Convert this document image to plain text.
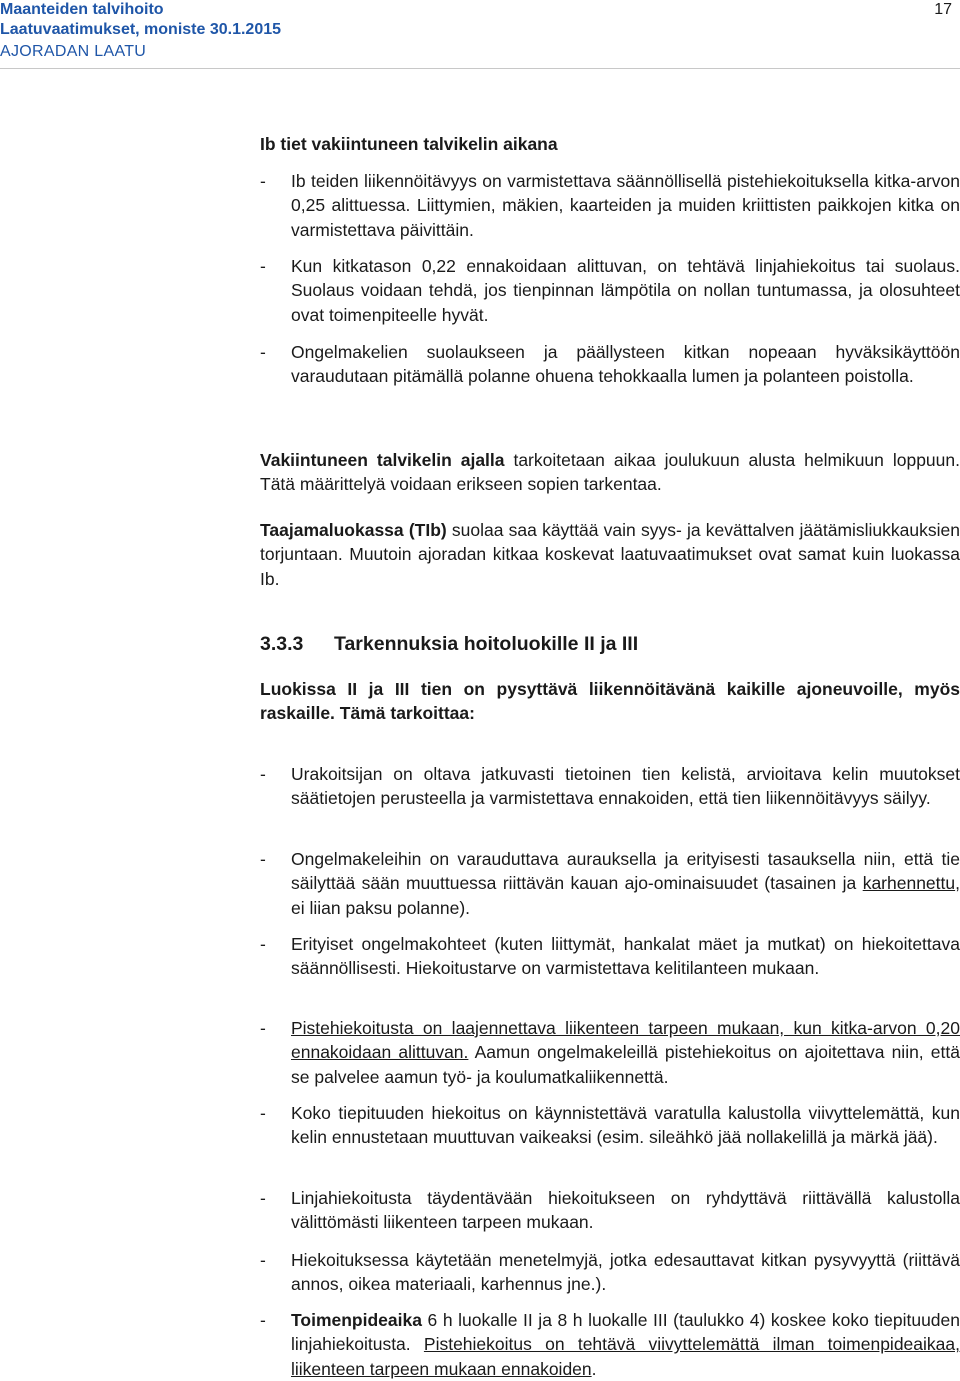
Maanteiden talvihoito
Laatuvaatimukset, moniste 30.1.2015
AJORADAN LAATU
17
Ib tiet vakiintuneen talvikelin aikana
-	Ib teiden liikennöitävyys on varmistettava säännöllisellä pistehiekoituksella kitka-arvon 0,25 alittuessa. Liittymien, mäkien, kaarteiden ja muiden kriittisten paikkojen kitka on varmistettava päivittäin.
-	Kun kitkatason 0,22 ennakoidaan alittuvan, on tehtävä linjahiekoitus tai suolaus. Suolaus voidaan tehdä, jos tienpinnan lämpötila on nollan tuntumassa, ja olosuhteet ovat toimenpiteelle hyvät.
-	Ongelmakelien suolaukseen ja päällysteen kitkan nopeaan hyväksikäyttöön varaudutaan pitämällä polanne ohuena tehokkaalla lumen ja polanteen poistolla.
Vakiintuneen talvikelin ajalla tarkoitetaan aikaa joulukuun alusta helmikuun loppuun. Tätä määrittelyä voidaan erikseen sopien tarkentaa.
Taajamaluokassa (TIb) suolaa saa käyttää vain syys- ja kevättalven jäätämisliukkauksien torjuntaan. Muutoin ajoradan kitkaa koskevat laatuvaatimukset ovat samat kuin luokassa Ib.
3.3.3 Tarkennuksia hoitoluokille II ja III
Luokissa II ja III tien on pysyttävä liikennöitävänä kaikille ajoneuvoille, myös raskaille. Tämä tarkoittaa:
-	Urakoitsijan on oltava jatkuvasti tietoinen tien kelistä, arvioitava kelin muutokset säätietojen perusteella ja varmistettava ennakoiden, että tien liikennöitävyys säilyy.
-	Ongelmakeleihin on varauduttava aurauksella ja erityisesti tasauksella niin, että tie säilyttää sään muuttuessa riittävän kauan ajo-ominaisuudet (tasainen ja karhennettu, ei liian paksu polanne).
-	Erityiset ongelmakohteet (kuten liittymät, hankalat mäet ja mutkat) on hiekoitettava säännöllisesti. Hiekoitustarve on varmistettava kelitilanteen mukaan.
-	Pistehiekoitusta on laajennettava liikenteen tarpeen mukaan, kun kitka-arvon 0,20 ennakoidaan alittuvan. Aamun ongelmakeleillä pistehiekoitus on ajoitettava niin, että se palvelee aamun työ- ja koulumatkaliikennettä.
-	Koko tiepituuden hiekoitus on käynnistettävä varatulla kalustolla viivyttelemättä, kun kelin ennustetaan muuttuvan vaikeaksi (esim. sileähkö jää nollakelillä ja märkä jää).
-	Linjahiekoitusta täydentävään hiekoitukseen on ryhdyttävä riittävällä kalustolla välittömästi liikenteen tarpeen mukaan.
-	Hiekoituksessa käytetään menetelmyjä, jotka edesauttavat kitkan pysyvyyttä (riittävä annos, oikea materiaali, karhennus jne.).
-	Toimenpideaika 6 h luokalle II ja 8 h luokalle III (taulukko 4) koskee koko tiepituuden linjahiekoitusta. Pistehiekoitus on tehtävä viivyttelemättä ilman toimenpideaikaa, liikenteen tarpeen mukaan ennakoiden.
